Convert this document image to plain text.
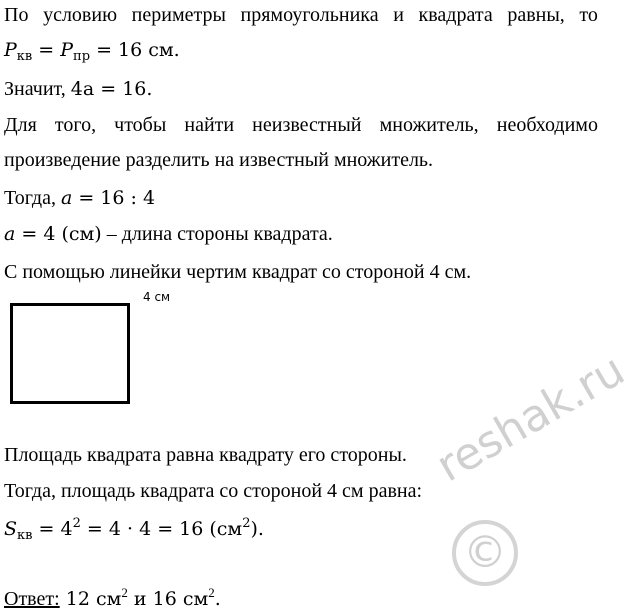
По условию периметры прямоугольника и квадрата равны, то
$P_{кв} = P_{пр} = 16$ см.
Значит, 4a = 16.
Для того, чтобы найти неизвестный множитель, необходимо
произведение разделить на известный множитель.
Тогда, a = 16 : 4
a = 4 (см) – длина стороны квадрата.
С помощью линейки чертим квадрат со стороной 4 см.
4 см
Площадь квадрата равна квадрату его стороны.
Тогда, площадь квадрата со стороной 4 см равна:
$S_{кв} = 4^2 = 4 \cdot 4 = 16$ $(см^2)$.
Ответ: 12 $см^2$ и 16 $см^2$.
reshak.ru
©
